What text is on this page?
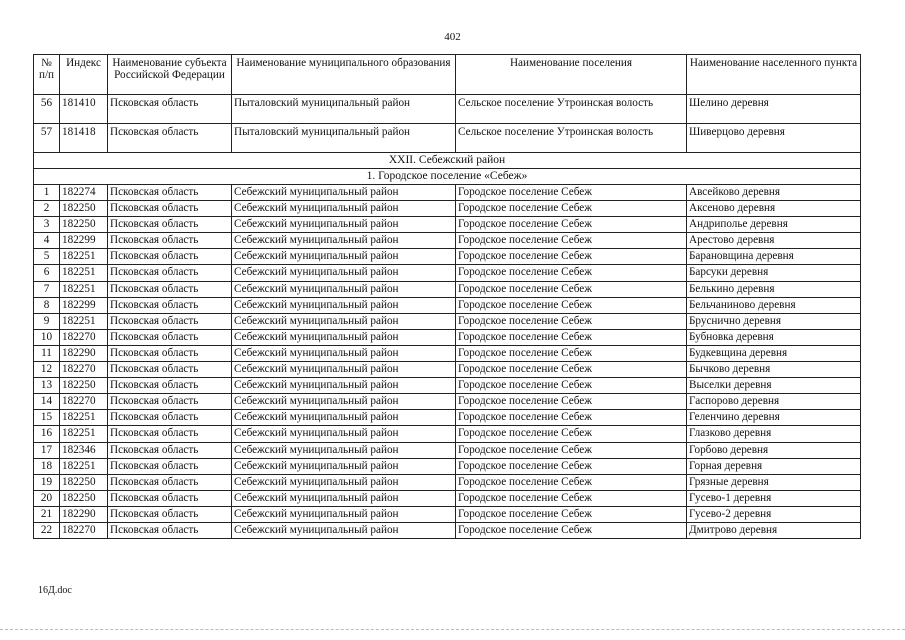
402
№ п/п	Индекс	Наименование субъекта Российской Федерации	Наименование муниципального образования	Наименование поселения	Наименование населенного пункта
56	181410	Псковская область	Пыталовский муниципальный район	Сельское поселение Утроинская волость	Шелино деревня
57	181418	Псковская область	Пыталовский муниципальный район	Сельское поселение Утроинская волость	Шиверцово деревня
XXII. Себежский район					
1. Городское поселение «Себеж»					
1	182274	Псковская область	Себежский муниципальный район	Городское поселение Себеж	Авсейково деревня
2	182250	Псковская область	Себежский муниципальный район	Городское поселение Себеж	Аксеново деревня
3	182250	Псковская область	Себежский муниципальный район	Городское поселение Себеж	Андриполье деревня
4	182299	Псковская область	Себежский муниципальный район	Городское поселение Себеж	Арестово деревня
5	182251	Псковская область	Себежский муниципальный район	Городское поселение Себеж	Барановщина деревня
6	182251	Псковская область	Себежский муниципальный район	Городское поселение Себеж	Барсуки деревня
7	182251	Псковская область	Себежский муниципальный район	Городское поселение Себеж	Белькино деревня
8	182299	Псковская область	Себежский муниципальный район	Городское поселение Себеж	Бельчаниново деревня
9	182251	Псковская область	Себежский муниципальный район	Городское поселение Себеж	Бруснично деревня
10	182270	Псковская область	Себежский муниципальный район	Городское поселение Себеж	Бубновка деревня
11	182290	Псковская область	Себежский муниципальный район	Городское поселение Себеж	Будкевщина деревня
12	182270	Псковская область	Себежский муниципальный район	Городское поселение Себеж	Бычково деревня
13	182250	Псковская область	Себежский муниципальный район	Городское поселение Себеж	Выселки деревня
14	182270	Псковская область	Себежский муниципальный район	Городское поселение Себеж	Гаспорово деревня
15	182251	Псковская область	Себежский муниципальный район	Городское поселение Себеж	Геленчино деревня
16	182251	Псковская область	Себежский муниципальный район	Городское поселение Себеж	Глазково деревня
17	182346	Псковская область	Себежский муниципальный район	Городское поселение Себеж	Горбово деревня
18	182251	Псковская область	Себежский муниципальный район	Городское поселение Себеж	Горная деревня
19	182250	Псковская область	Себежский муниципальный район	Городское поселение Себеж	Грязные деревня
20	182250	Псковская область	Себежский муниципальный район	Городское поселение Себеж	Гусево-1 деревня
21	182290	Псковская область	Себежский муниципальный район	Городское поселение Себеж	Гусево-2 деревня
22	182270	Псковская область	Себежский муниципальный район	Городское поселение Себеж	Дмитрово деревня
16Д.doc
